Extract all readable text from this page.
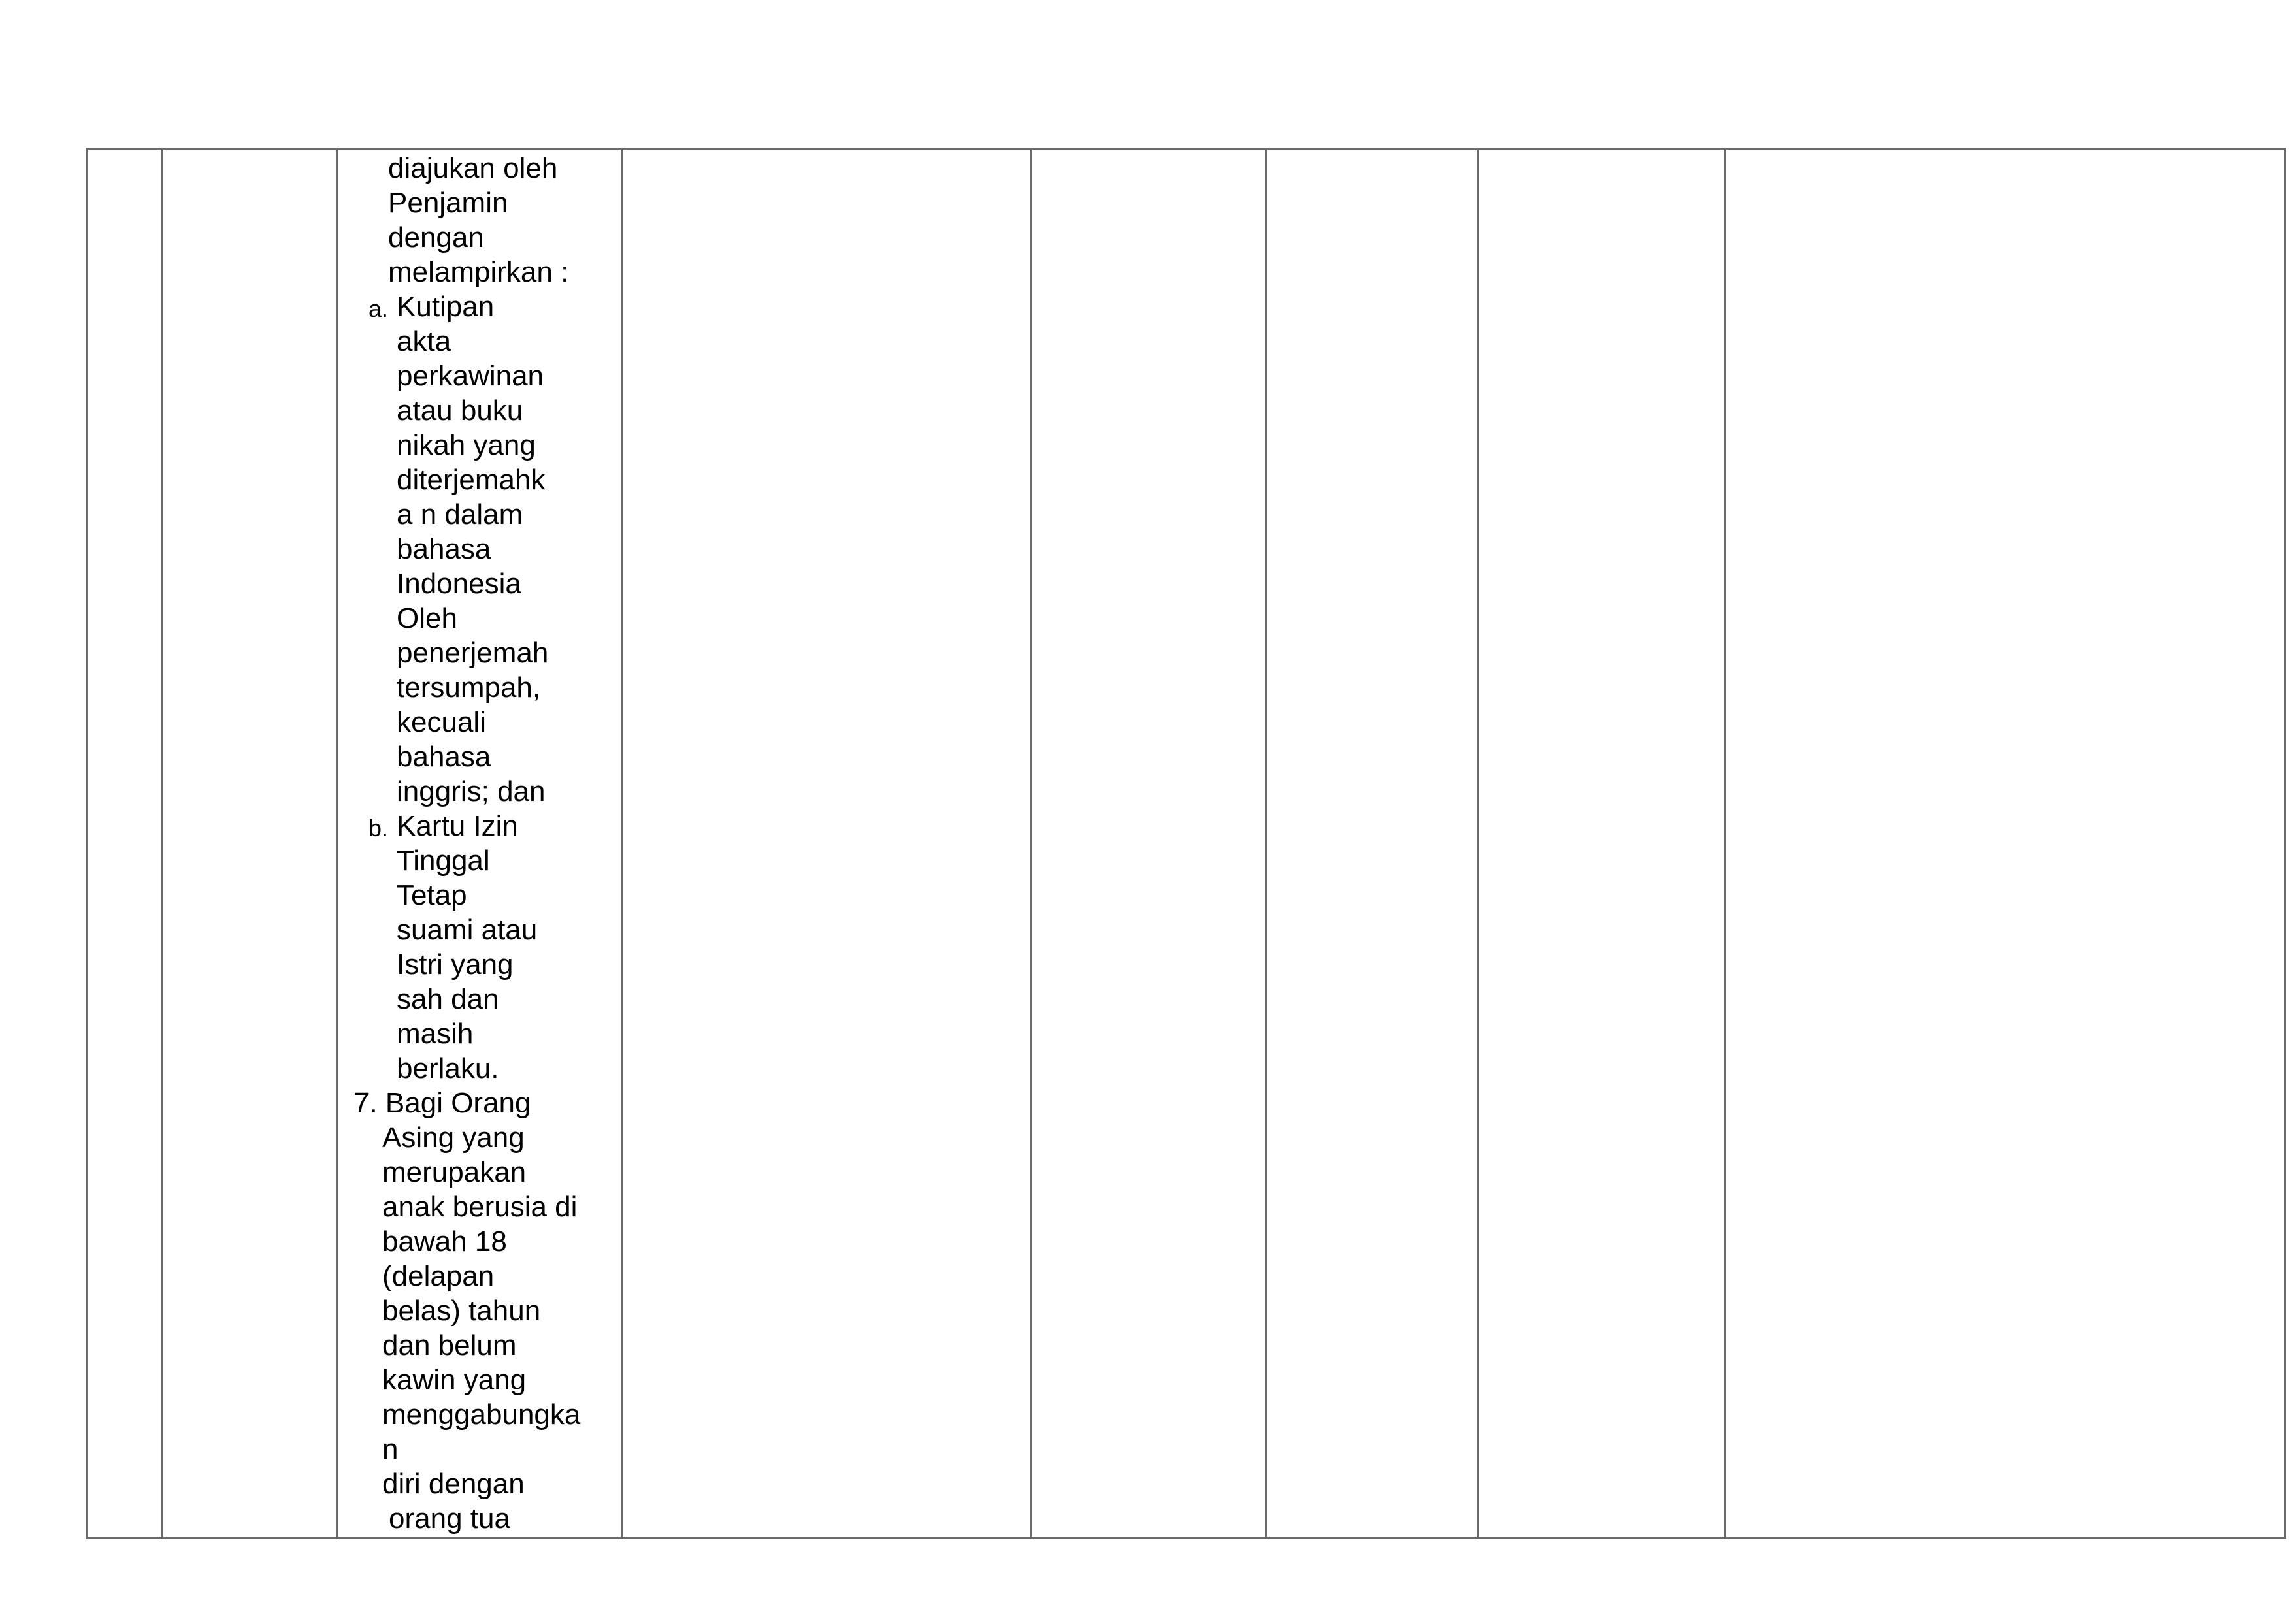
diajukan oleh
Penjamin
dengan
melampirkan :
a. Kutipan
akta
perkawinan
atau buku
nikah yang
diterjemahk
a n dalam
bahasa
Indonesia
Oleh
penerjemah
tersumpah,
kecuali
bahasa
inggris; dan
b. Kartu Izin
Tinggal
Tetap
suami atau
Istri yang
sah dan
masih
berlaku.
7. Bagi Orang
Asing yang
merupakan
anak berusia di
bawah 18
(delapan
belas) tahun
dan belum
kawin yang
menggabungka
n
diri dengan
orang tua
